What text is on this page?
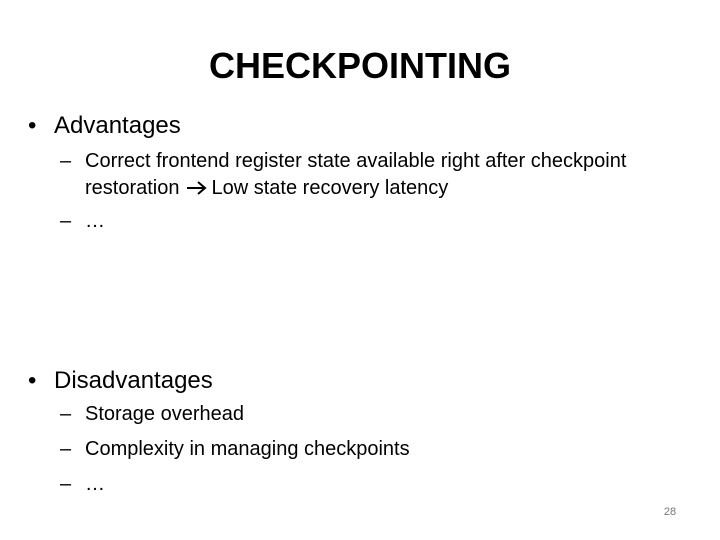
CHECKPOINTING
• Advantages
– Correct frontend register state available right after checkpoint restoration Low state recovery latency
– …
• Disadvantages
– Storage overhead
– Complexity in managing checkpoints
– …
28
